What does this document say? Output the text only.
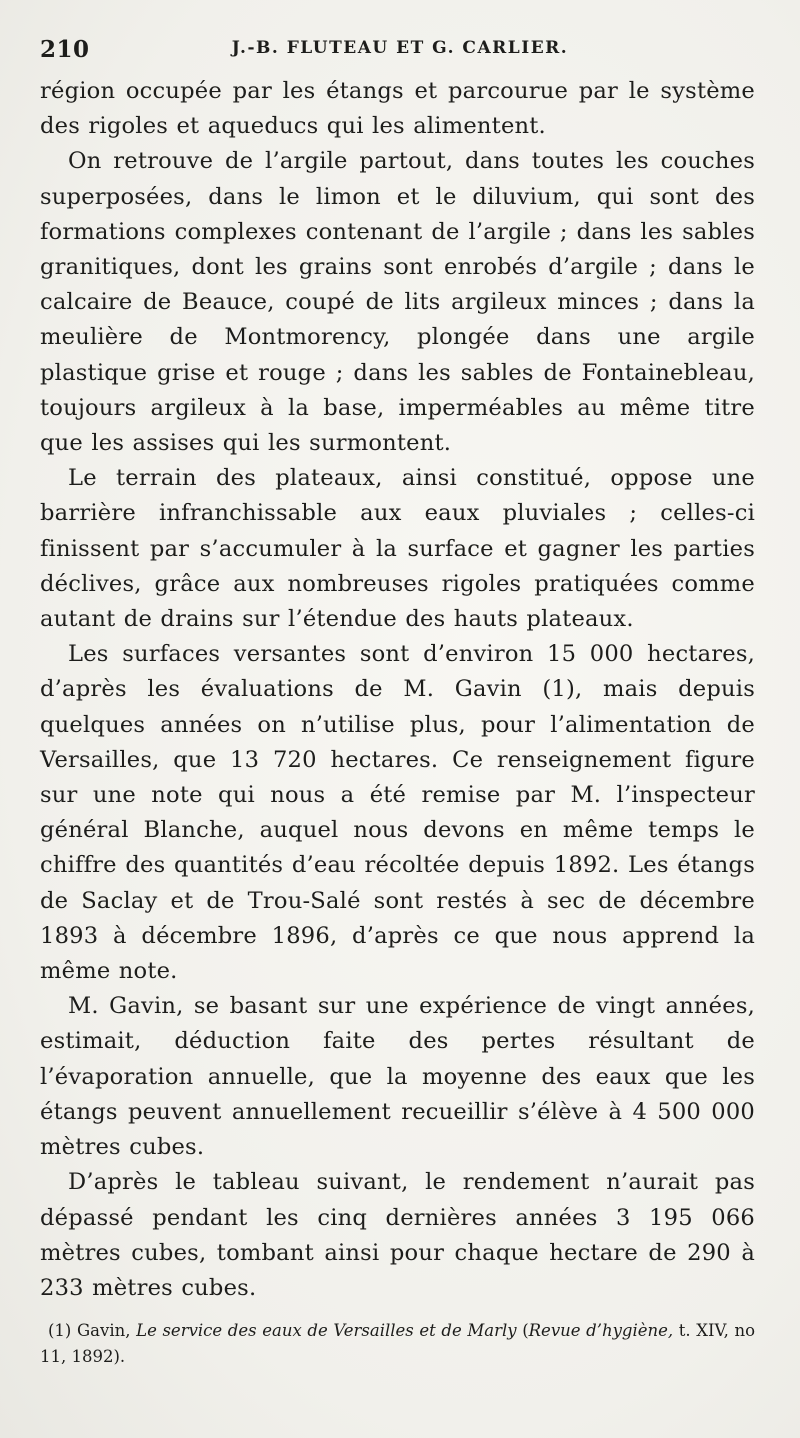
210	J.-B. FLUTEAU ET G. CARLIER.

région occupée par les étangs et parcourue par le système des rigoles et aqueducs qui les alimentent.

On retrouve de l’argile partout, dans toutes les couches superposées, dans le limon et le diluvium, qui sont des formations complexes contenant de l’argile ; dans les sables granitiques, dont les grains sont enrobés d’argile ; dans le calcaire de Beauce, coupé de lits argileux minces ; dans la meulière de Montmorency, plongée dans une argile plastique grise et rouge ; dans les sables de Fontainebleau, toujours argileux à la base, imperméables au même titre que les assises qui les surmontent.

Le terrain des plateaux, ainsi constitué, oppose une barrière infranchissable aux eaux pluviales ; celles-ci finissent par s’accumuler à la surface et gagner les parties déclives, grâce aux nombreuses rigoles pratiquées comme autant de drains sur l’étendue des hauts plateaux.

Les surfaces versantes sont d’environ 15 000 hectares, d’après les évaluations de M. Gavin (1), mais depuis quelques années on n’utilise plus, pour l’alimentation de Versailles, que 13 720 hectares. Ce renseignement figure sur une note qui nous a été remise par M. l’inspecteur général Blanche, auquel nous devons en même temps le chiffre des quantités d’eau récoltée depuis 1892. Les étangs de Saclay et de Trou-Salé sont restés à sec de décembre 1893 à décembre 1896, d’après ce que nous apprend la même note.

M. Gavin, se basant sur une expérience de vingt années, estimait, déduction faite des pertes résultant de l’évaporation annuelle, que la moyenne des eaux que les étangs peuvent annuellement recueillir s’élève à 4 500 000 mètres cubes.

D’après le tableau suivant, le rendement n’aurait pas dépassé pendant les cinq dernières années 3 195 066 mètres cubes, tombant ainsi pour chaque hectare de 290 à 233 mètres cubes.

(1) Gavin, Le service des eaux de Versailles et de Marly (Revue d’hygiène, t. XIV, no 11, 1892).
